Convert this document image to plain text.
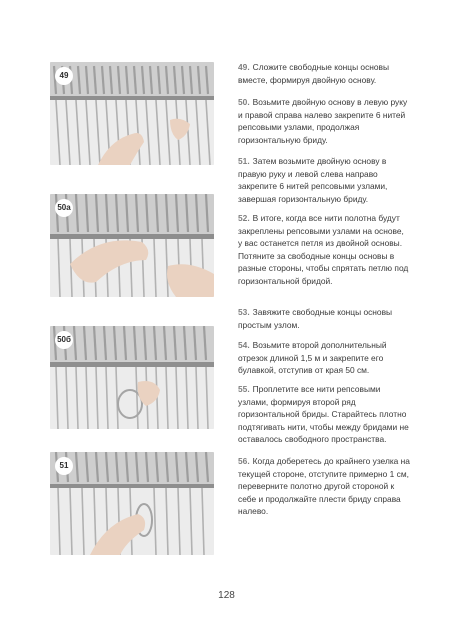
49
50a
50б
51
49. Сложите свободные концы основы вместе, формируя двойную основу.
50. Возьмите двойную основу в левую руку и правой справа налево закрепите 6 нитей репсовыми узлами, продолжая горизонтальную бриду.
51. Затем возьмите двойную основу в правую руку и левой слева направо закрепите 6 нитей репсовыми узлами, завершая горизонтальную бриду.
52. В итоге, когда все нити полотна будут закреплены репсовыми узлами на основе, у вас останется петля из двойной основы. Потяните за свободные концы основы в разные стороны, чтобы спрятать петлю под горизонтальной бридой.
53. Завяжите свободные концы основы простым узлом.
54. Возьмите второй дополнительный отрезок длиной 1,5 м и закрепите его булавкой, отступив от края 50 см.
55. Проплетите все нити репсовыми узлами, формируя второй ряд горизонтальной бриды. Старайтесь плотно подтягивать нити, чтобы между бридами не оставалось свободного пространства.
56. Когда доберетесь до крайнего узелка на текущей стороне, отступите примерно 1 см, переверните полотно другой стороной к себе и продолжайте плести бриду справа налево.
128
